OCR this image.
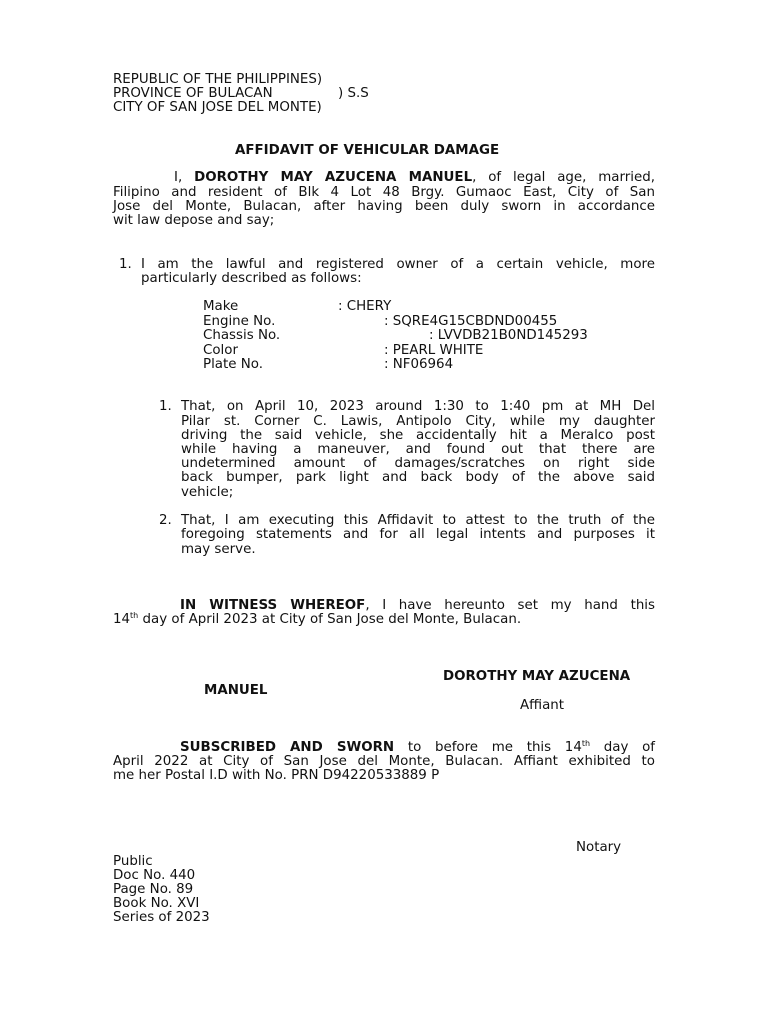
REPUBLIC OF THE PHILIPPINES)
PROVINCE OF BULACAN	) S.S
CITY OF SAN JOSE DEL MONTE)
AFFIDAVIT OF VEHICULAR DAMAGE
I, DOROTHY MAY AZUCENA MANUEL, of legal age, married,
Filipino and resident of Blk 4 Lot 48 Brgy. Gumaoc East, City of San
Jose del Monte, Bulacan, after having been duly sworn in accordance
wit law depose and say;
1. I am the lawful and registered owner of a certain vehicle, more
particularly described as follows:
Make	: CHERY
Engine No.	: SQRE4G15CBDND00455
Chassis No.	: LVVDB21B0ND145293
Color	: PEARL WHITE
Plate No.	: NF06964
1. That, on April 10, 2023 around 1:30 to 1:40 pm at MH Del
Pilar st. Corner C. Lawis, Antipolo City, while my daughter
driving the said vehicle, she accidentally hit a Meralco post
while having a maneuver, and found out that there are
undetermined amount of damages/scratches on right side
back bumper, park light and back body of the above said
vehicle;
2. That, I am executing this Affidavit to attest to the truth of the
foregoing statements and for all legal intents and purposes it
may serve.
IN WITNESS WHEREOF, I have hereunto set my hand this
14th day of April 2023 at City of San Jose del Monte, Bulacan.
DOROTHY MAY AZUCENA
MANUEL
Affiant
SUBSCRIBED AND SWORN to before me this 14th day of
April 2022 at City of San Jose del Monte, Bulacan. Affiant exhibited to
me her Postal I.D with No. PRN D94220533889 P
Notary
Public
Doc No. 440
Page No. 89
Book No. XVI
Series of 2023
